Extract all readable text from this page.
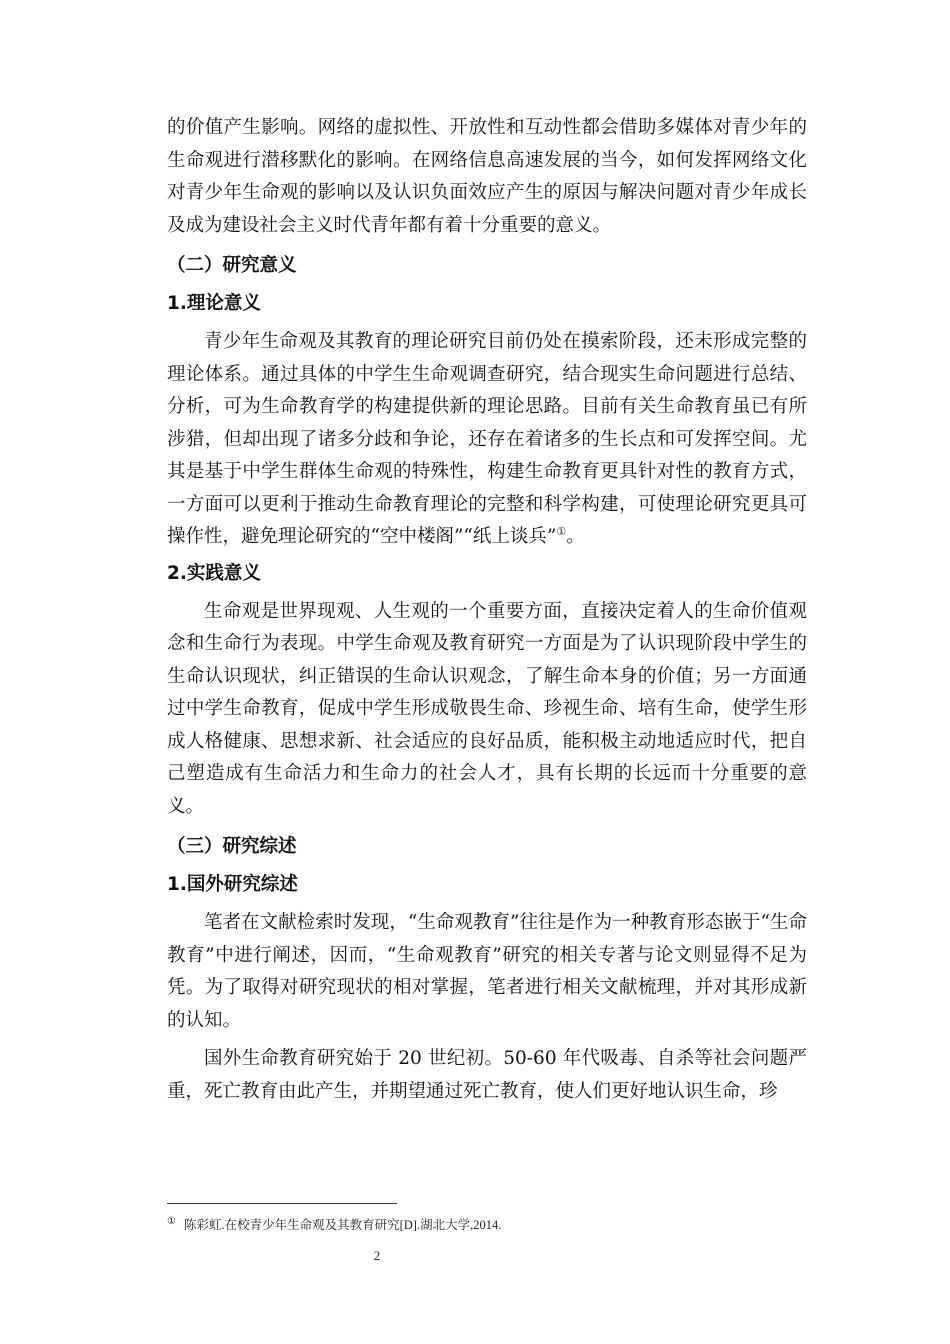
的价值产生影响。网络的虚拟性、开放性和互动性都会借助多媒体对青少年的生命观进行潜移默化的影响。在网络信息高速发展的当今，如何发挥网络文化对青少年生命观的影响以及认识负面效应产生的原因与解决问题对青少年成长及成为建设社会主义时代青年都有着十分重要的意义。

（二）研究意义
1.理论意义

青少年生命观及其教育的理论研究目前仍处在摸索阶段，还未形成完整的理论体系。通过具体的中学生生命观调查研究，结合现实生命问题进行总结、分析，可为生命教育学的构建提供新的理论思路。目前有关生命教育虽已有所涉猎，但却出现了诸多分歧和争论，还存在着诸多的生长点和可发挥空间。尤其是基于中学生群体生命观的特殊性，构建生命教育更具针对性的教育方式，一方面可以更利于推动生命教育理论的完整和科学构建，可使理论研究更具可操作性，避免理论研究的“空中楼阁”“纸上谈兵”①。

2.实践意义

生命观是世界现观、人生观的一个重要方面，直接决定着人的生命价值观念和生命行为表现。中学生命观及教育研究一方面是为了认识现阶段中学生的生命认识现状，纠正错误的生命认识观念，了解生命本身的价值；另一方面通过中学生命教育，促成中学生形成敬畏生命、珍视生命、培有生命，使学生形成人格健康、思想求新、社会适应的良好品质，能积极主动地适应时代，把自己塑造成有生命活力和生命力的社会人才，具有长期的长远而十分重要的意义。

（三）研究综述
1.国外研究综述

笔者在文献检索时发现，“生命观教育”往往是作为一种教育形态嵌于“生命教育”中进行阐述，因而，“生命观教育”研究的相关专著与论文则显得不足为凭。为了取得对研究现状的相对掌握，笔者进行相关文献梳理，并对其形成新的认知。

国外生命教育研究始于 20 世纪初。50-60 年代吸毒、自杀等社会问题严重，死亡教育由此产生，并期望通过死亡教育，使人们更好地认识生命，珍

① 陈彩虹.在校青少年生命观及其教育研究[D].湖北大学,2014.
2
